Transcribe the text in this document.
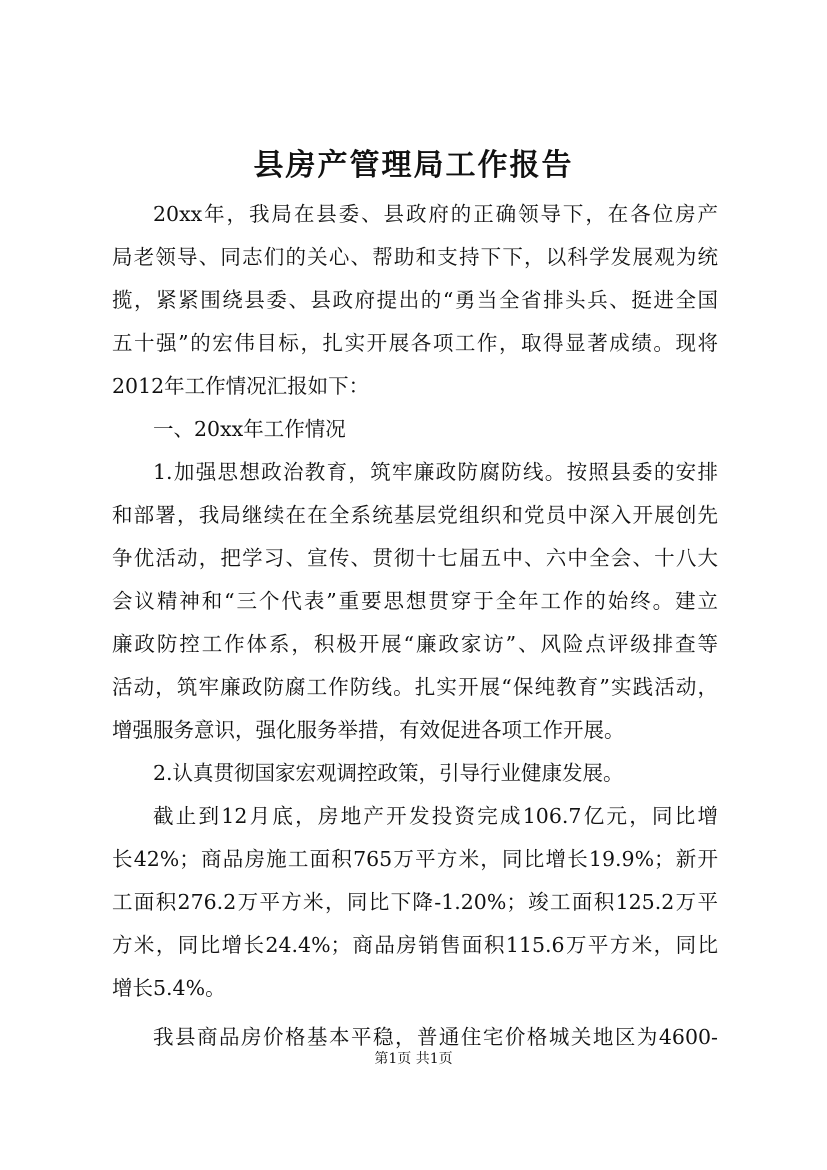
县房产管理局工作报告
20xx年，我局在县委、县政府的正确领导下，在各位房产
局老领导、同志们的关心、帮助和支持下下，以科学发展观为统
揽，紧紧围绕县委、县政府提出的“勇当全省排头兵、挺进全国
五十强”的宏伟目标，扎实开展各项工作，取得显著成绩。现将
2012年工作情况汇报如下：
一、20xx年工作情况
1.加强思想政治教育，筑牢廉政防腐防线。按照县委的安排
和部署，我局继续在在全系统基层党组织和党员中深入开展创先
争优活动，把学习、宣传、贯彻十七届五中、六中全会、十八大
会议精神和“三个代表”重要思想贯穿于全年工作的始终。建立
廉政防控工作体系，积极开展“廉政家访”、风险点评级排查等
活动，筑牢廉政防腐工作防线。扎实开展“保纯教育”实践活动，
增强服务意识，强化服务举措，有效促进各项工作开展。
2.认真贯彻国家宏观调控政策，引导行业健康发展。
截止到12月底，房地产开发投资完成106.7亿元，同比增
长42%；商品房施工面积765万平方米，同比增长19.9%；新开
工面积276.2万平方米，同比下降-1.20%；竣工面积125.2万平
方米，同比增长24.4%；商品房销售面积115.6万平方米，同比
增长5.4%。
我县商品房价格基本平稳，普通住宅价格城关地区为4600-
第1页 共1页
